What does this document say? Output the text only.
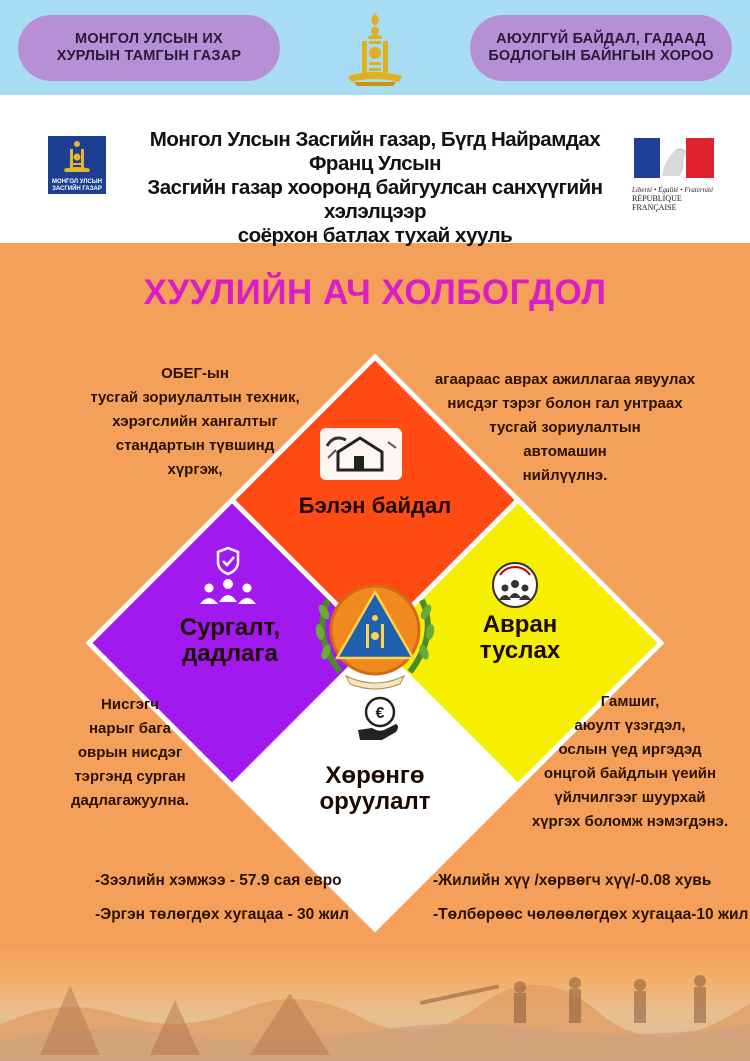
МОНГОЛ УЛСЫН ИХ
ХУРЛЫН ТАМГЫН ГАЗАР
АЮУЛГҮЙ БАЙДАЛ, ГАДААД
БОДЛОГЫН БАЙНГЫН ХОРОО
МОНГОЛ УЛСЫН
ЗАСГИЙН ГАЗАР
Монгол Улсын Засгийн газар, Бүгд Найрамдах Франц Улсын
Засгийн газар хооронд байгуулсан санхүүгийн хэлэлцээр
соёрхон батлах тухай хууль
Liberté • Égalité • Fraternité
RÉPUBLIQUE FRANÇAISE
ХУУЛИЙН АЧ ХОЛБОГДОЛ
€
Бэлэн байдал
Сургалт,
дадлага
Авран
туслах
Хөрөнгө
оруулалт
ОБЕГ-ын
тусгай зориулалтын техник,
хэрэгслийн хангалтыг
стандартын түвшинд
хүргэж,
агаараас аврах ажиллагаа явуулах
нисдэг тэрэг болон гал унтраах
тусгай зориулалтын
автомашин
нийлүүлнэ.
Нисгэгч
нарыг бага
оврын нисдэг
тэргэнд сурган
дадлагажуулна.
Гамшиг,
аюулт үзэгдэл,
ослын үед иргэдэд
онцгой байдлын үеийн
үйлчилгээг шуурхай
хүргэх боломж нэмэгдэнэ.
-Зээлийн хэмжээ - 57.9 сая евро
-Эргэн төлөгдөх хугацаа - 30 жил
-Жилийн хүү /хөрвөгч хүү/-0.08 хувь
-Төлбөрөөс чөлөөлөгдөх хугацаа-10 жил
